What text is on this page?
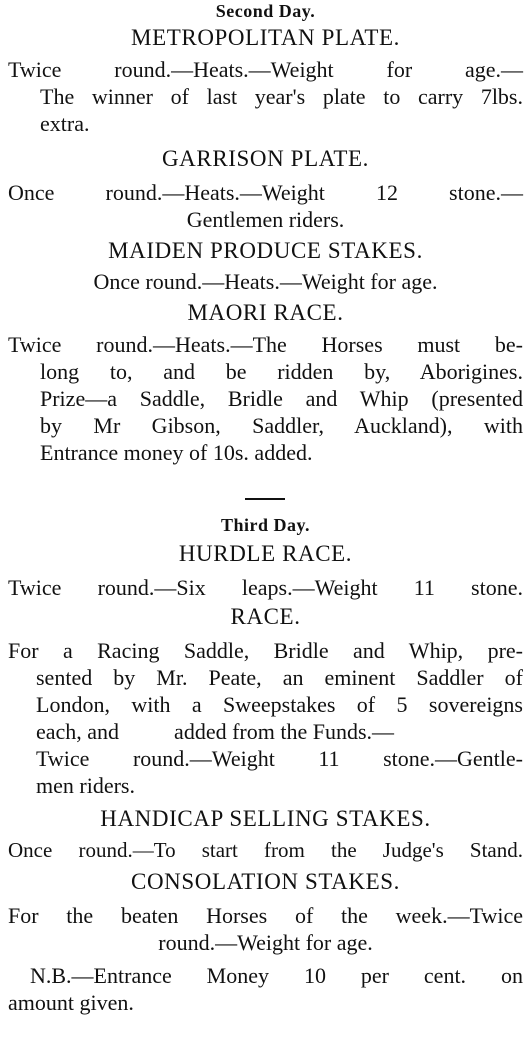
Second Day.

METROPOLITAN PLATE.

Twice round.—Heats.—Weight for age.—
The winner of last year's plate to carry 7lbs.
extra.

GARRISON PLATE.

Once round.—Heats.—Weight 12 stone.—
Gentlemen riders.

MAIDEN PRODUCE STAKES.

Once round.—Heats.—Weight for age.

MAORI RACE.

Twice round.—Heats.—The Horses must be-
long to, and be ridden by, Aborigines.
Prize—a Saddle, Bridle and Whip (presented
by Mr Gibson, Saddler, Auckland), with
Entrance money of 10s. added.

Third Day.

HURDLE RACE.

Twice round.—Six leaps.—Weight 11 stone.

RACE.

For a Racing Saddle, Bridle and Whip, pre-
sented by Mr. Peate, an eminent Saddler of
London, with a Sweepstakes of 5 sovereigns
each, and          added from the Funds.—
Twice round.—Weight 11 stone.—Gentle-
men riders.

HANDICAP SELLING STAKES.

Once round.—To start from the Judge's Stand.

CONSOLATION STAKES.

For the beaten Horses of the week.—Twice
round.—Weight for age.
N.B.—Entrance Money 10 per cent. on
amount given.
